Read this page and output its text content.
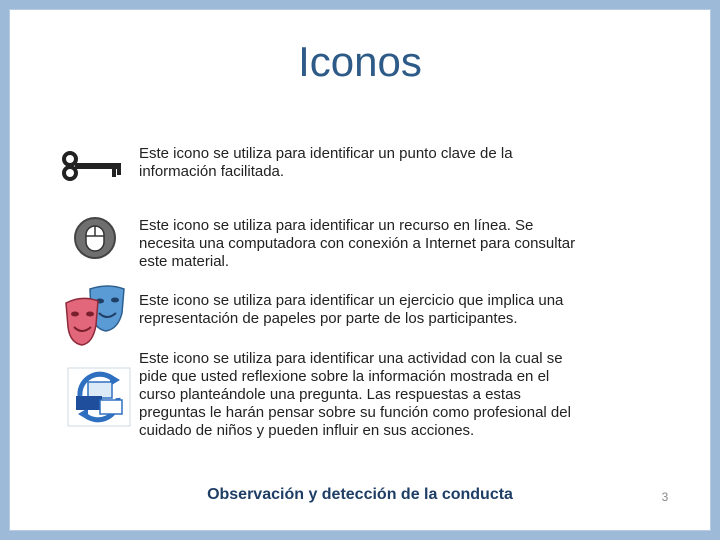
Iconos

Este icono se utiliza para identificar un punto clave de la
información facilitada.

Este icono se utiliza para identificar un recurso en línea. Se
necesita una computadora con conexión a Internet para consultar
este material.

Este icono se utiliza para identificar un ejercicio que implica una
representación de papeles por parte de los participantes.

Este icono se utiliza para identificar una actividad con la cual se
pide que usted reflexione sobre la información mostrada en el
curso planteándole una pregunta. Las respuestas a estas
preguntas le harán pensar sobre su función como profesional del
cuidado de niños y pueden influir en sus acciones.

Observación y detección de la conducta	3
